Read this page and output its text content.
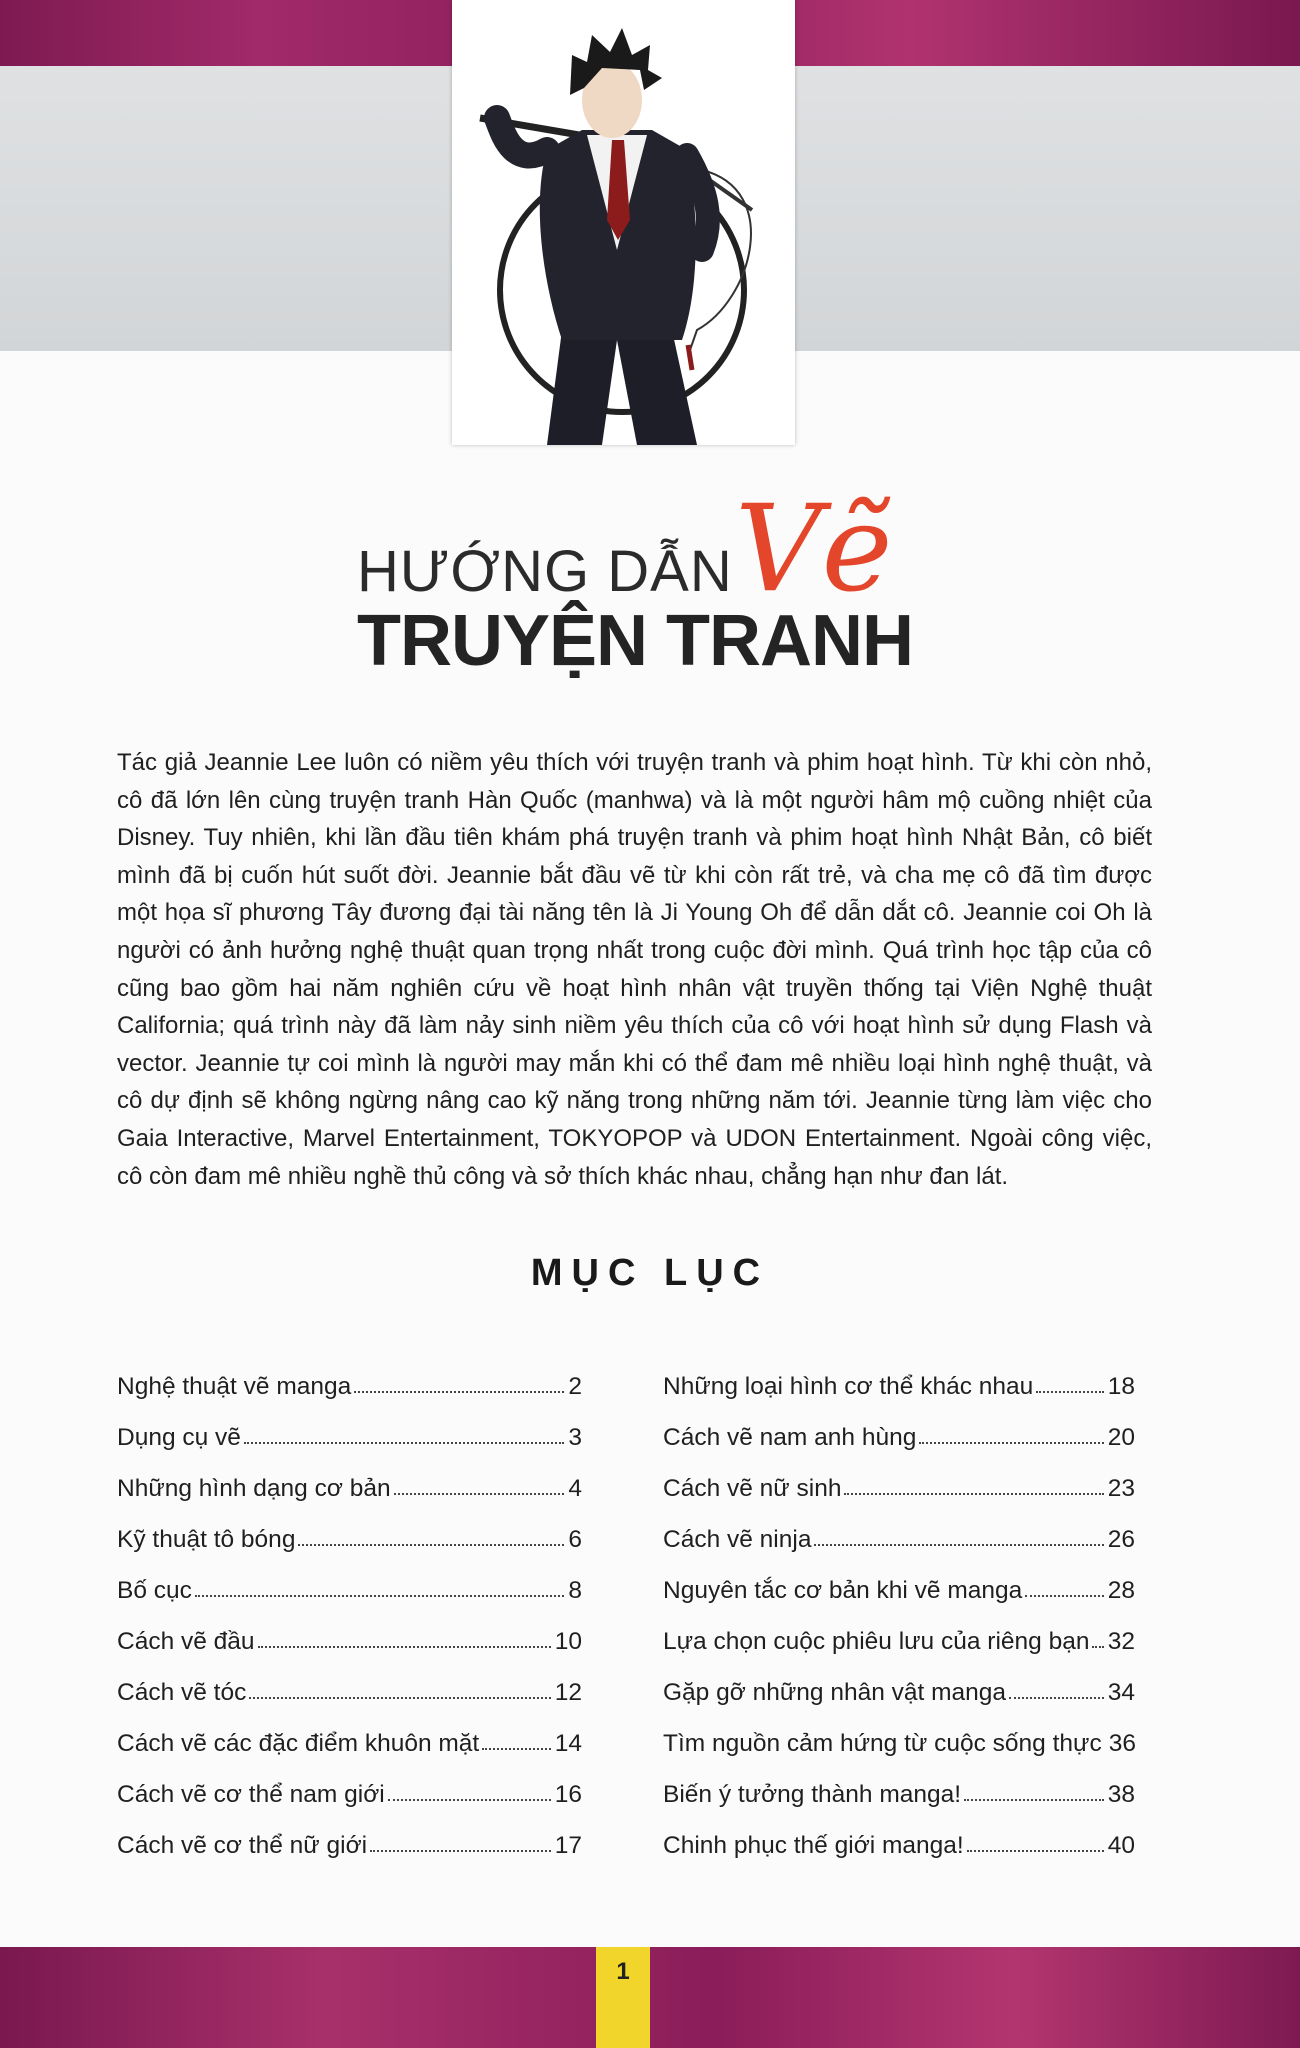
HƯỚNG DẪN Vẽ
TRUYỆN TRANH
Tác giả Jeannie Lee luôn có niềm yêu thích với truyện tranh và phim hoạt hình. Từ khi còn nhỏ, cô đã lớn lên cùng truyện tranh Hàn Quốc (manhwa) và là một người hâm mộ cuồng nhiệt của Disney. Tuy nhiên, khi lần đầu tiên khám phá truyện tranh và phim hoạt hình Nhật Bản, cô biết mình đã bị cuốn hút suốt đời. Jeannie bắt đầu vẽ từ khi còn rất trẻ, và cha mẹ cô đã tìm được một họa sĩ phương Tây đương đại tài năng tên là Ji Young Oh để dẫn dắt cô. Jeannie coi Oh là người có ảnh hưởng nghệ thuật quan trọng nhất trong cuộc đời mình. Quá trình học tập của cô cũng bao gồm hai năm nghiên cứu về hoạt hình nhân vật truyền thống tại Viện Nghệ thuật California; quá trình này đã làm nảy sinh niềm yêu thích của cô với hoạt hình sử dụng Flash và vector. Jeannie tự coi mình là người may mắn khi có thể đam mê nhiều loại hình nghệ thuật, và cô dự định sẽ không ngừng nâng cao kỹ năng trong những năm tới. Jeannie từng làm việc cho Gaia Interactive, Marvel Entertainment, TOKYOPOP và UDON Entertainment. Ngoài công việc, cô còn đam mê nhiều nghề thủ công và sở thích khác nhau, chẳng hạn như đan lát.
MỤC LỤC
Nghệ thuật vẽ manga	2
Dụng cụ vẽ	3
Những hình dạng cơ bản	4
Kỹ thuật tô bóng	6
Bố cục	8
Cách vẽ đầu	10
Cách vẽ tóc	12
Cách vẽ các đặc điểm khuôn mặt	14
Cách vẽ cơ thể nam giới	16
Cách vẽ cơ thể nữ giới	17
Những loại hình cơ thể khác nhau	18
Cách vẽ nam anh hùng	20
Cách vẽ nữ sinh	23
Cách vẽ ninja	26
Nguyên tắc cơ bản khi vẽ manga	28
Lựa chọn cuộc phiêu lưu của riêng bạn 32
Gặp gỡ những nhân vật manga	34
Tìm nguồn cảm hứng từ cuộc sống thực 36
Biến ý tưởng thành manga!	38
Chinh phục thế giới manga!	40
1
